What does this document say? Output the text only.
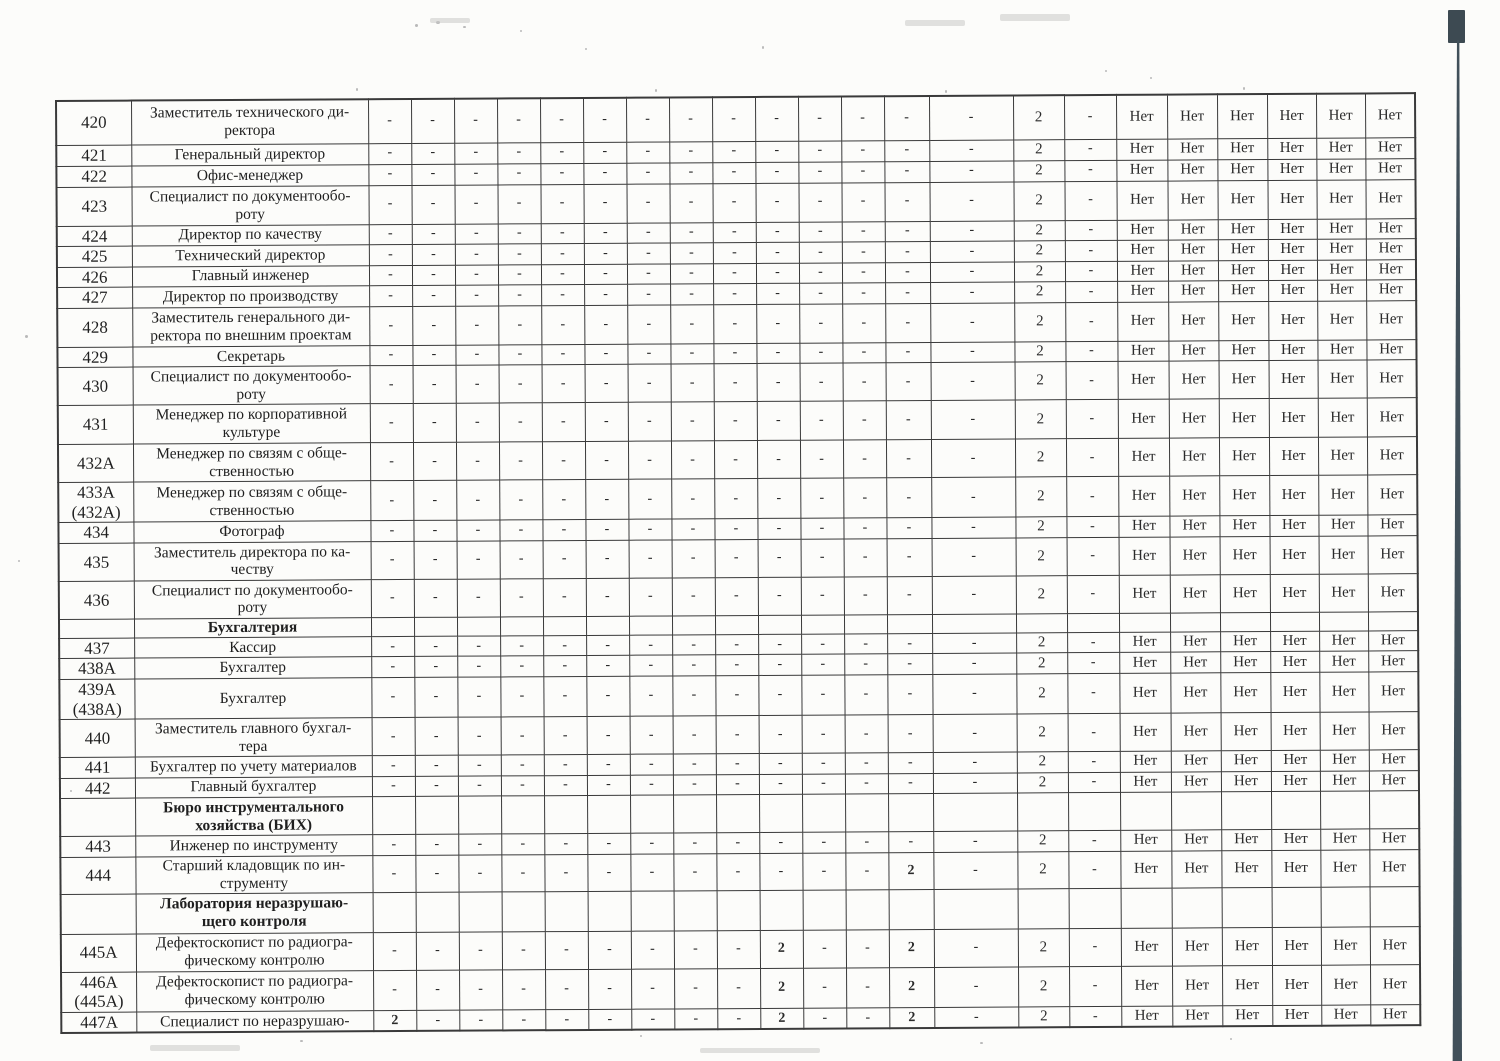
420	Заместитель технического ди-
ректора	-	-	-	-	-	-	-	-	-	-	-	-	-	-	2	-	Нет	Нет	Нет	Нет	Нет	Нет
421	Генеральный директор	-	-	-	-	-	-	-	-	-	-	-	-	-	-	2	-	Нет	Нет	Нет	Нет	Нет	Нет
422	Офис-менеджер	-	-	-	-	-	-	-	-	-	-	-	-	-	-	2	-	Нет	Нет	Нет	Нет	Нет	Нет
423	Специалист по документообо-
роту	-	-	-	-	-	-	-	-	-	-	-	-	-	-	2	-	Нет	Нет	Нет	Нет	Нет	Нет
424	Директор по качеству	-	-	-	-	-	-	-	-	-	-	-	-	-	-	2	-	Нет	Нет	Нет	Нет	Нет	Нет
425	Технический директор	-	-	-	-	-	-	-	-	-	-	-	-	-	-	2	-	Нет	Нет	Нет	Нет	Нет	Нет
426	Главный инженер	-	-	-	-	-	-	-	-	-	-	-	-	-	-	2	-	Нет	Нет	Нет	Нет	Нет	Нет
427	Директор по производству	-	-	-	-	-	-	-	-	-	-	-	-	-	-	2	-	Нет	Нет	Нет	Нет	Нет	Нет
428	Заместитель генерального ди-
ректора по внешним проектам	-	-	-	-	-	-	-	-	-	-	-	-	-	-	2	-	Нет	Нет	Нет	Нет	Нет	Нет
429	Секретарь	-	-	-	-	-	-	-	-	-	-	-	-	-	-	2	-	Нет	Нет	Нет	Нет	Нет	Нет
430	Специалист по документообо-
роту	-	-	-	-	-	-	-	-	-	-	-	-	-	-	2	-	Нет	Нет	Нет	Нет	Нет	Нет
431	Менеджер по корпоративной
культуре	-	-	-	-	-	-	-	-	-	-	-	-	-	-	2	-	Нет	Нет	Нет	Нет	Нет	Нет
432А	Менеджер по связям с обще-
ственностью	-	-	-	-	-	-	-	-	-	-	-	-	-	-	2	-	Нет	Нет	Нет	Нет	Нет	Нет
433А
(432А)	Менеджер по связям с обще-
ственностью	-	-	-	-	-	-	-	-	-	-	-	-	-	-	2	-	Нет	Нет	Нет	Нет	Нет	Нет
434	Фотограф	-	-	-	-	-	-	-	-	-	-	-	-	-	-	2	-	Нет	Нет	Нет	Нет	Нет	Нет
435	Заместитель директора по ка-
честву	-	-	-	-	-	-	-	-	-	-	-	-	-	-	2	-	Нет	Нет	Нет	Нет	Нет	Нет
436	Специалист по документообо-
роту	-	-	-	-	-	-	-	-	-	-	-	-	-	-	2	-	Нет	Нет	Нет	Нет	Нет	Нет
	Бухгалтерия																						
437	Кассир	-	-	-	-	-	-	-	-	-	-	-	-	-	-	2	-	Нет	Нет	Нет	Нет	Нет	Нет
438А	Бухгалтер	-	-	-	-	-	-	-	-	-	-	-	-	-	-	2	-	Нет	Нет	Нет	Нет	Нет	Нет
439А
(438А)	Бухгалтер	-	-	-	-	-	-	-	-	-	-	-	-	-	-	2	-	Нет	Нет	Нет	Нет	Нет	Нет
440	Заместитель главного бухгал-
тера	-	-	-	-	-	-	-	-	-	-	-	-	-	-	2	-	Нет	Нет	Нет	Нет	Нет	Нет
441	Бухгалтер по учету материалов	-	-	-	-	-	-	-	-	-	-	-	-	-	-	2	-	Нет	Нет	Нет	Нет	Нет	Нет
442	Главный бухгалтер	-	-	-	-	-	-	-	-	-	-	-	-	-	-	2	-	Нет	Нет	Нет	Нет	Нет	Нет
	Бюро инструментального
хозяйства (БИХ)																						
443	Инженер по инструменту	-	-	-	-	-	-	-	-	-	-	-	-	-	-	2	-	Нет	Нет	Нет	Нет	Нет	Нет
444	Старший кладовщик по ин-
струменту	-	-	-	-	-	-	-	-	-	-	-	-	2	-	2	-	Нет	Нет	Нет	Нет	Нет	Нет
	Лаборатория неразрушаю-
щего контроля																						
445А	Дефектоскопист по радиогра-
фическому контролю	-	-	-	-	-	-	-	-	-	2	-	-	2	-	2	-	Нет	Нет	Нет	Нет	Нет	Нет
446А
(445А)	Дефектоскопист по радиогра-
фическому контролю	-	-	-	-	-	-	-	-	-	2	-	-	2	-	2	-	Нет	Нет	Нет	Нет	Нет	Нет
447А	Специалист по неразрушаю-	2	-	-	-	-	-	-	-	-	2	-	-	2	-	2	-	Нет	Нет	Нет	Нет	Нет	Нет
